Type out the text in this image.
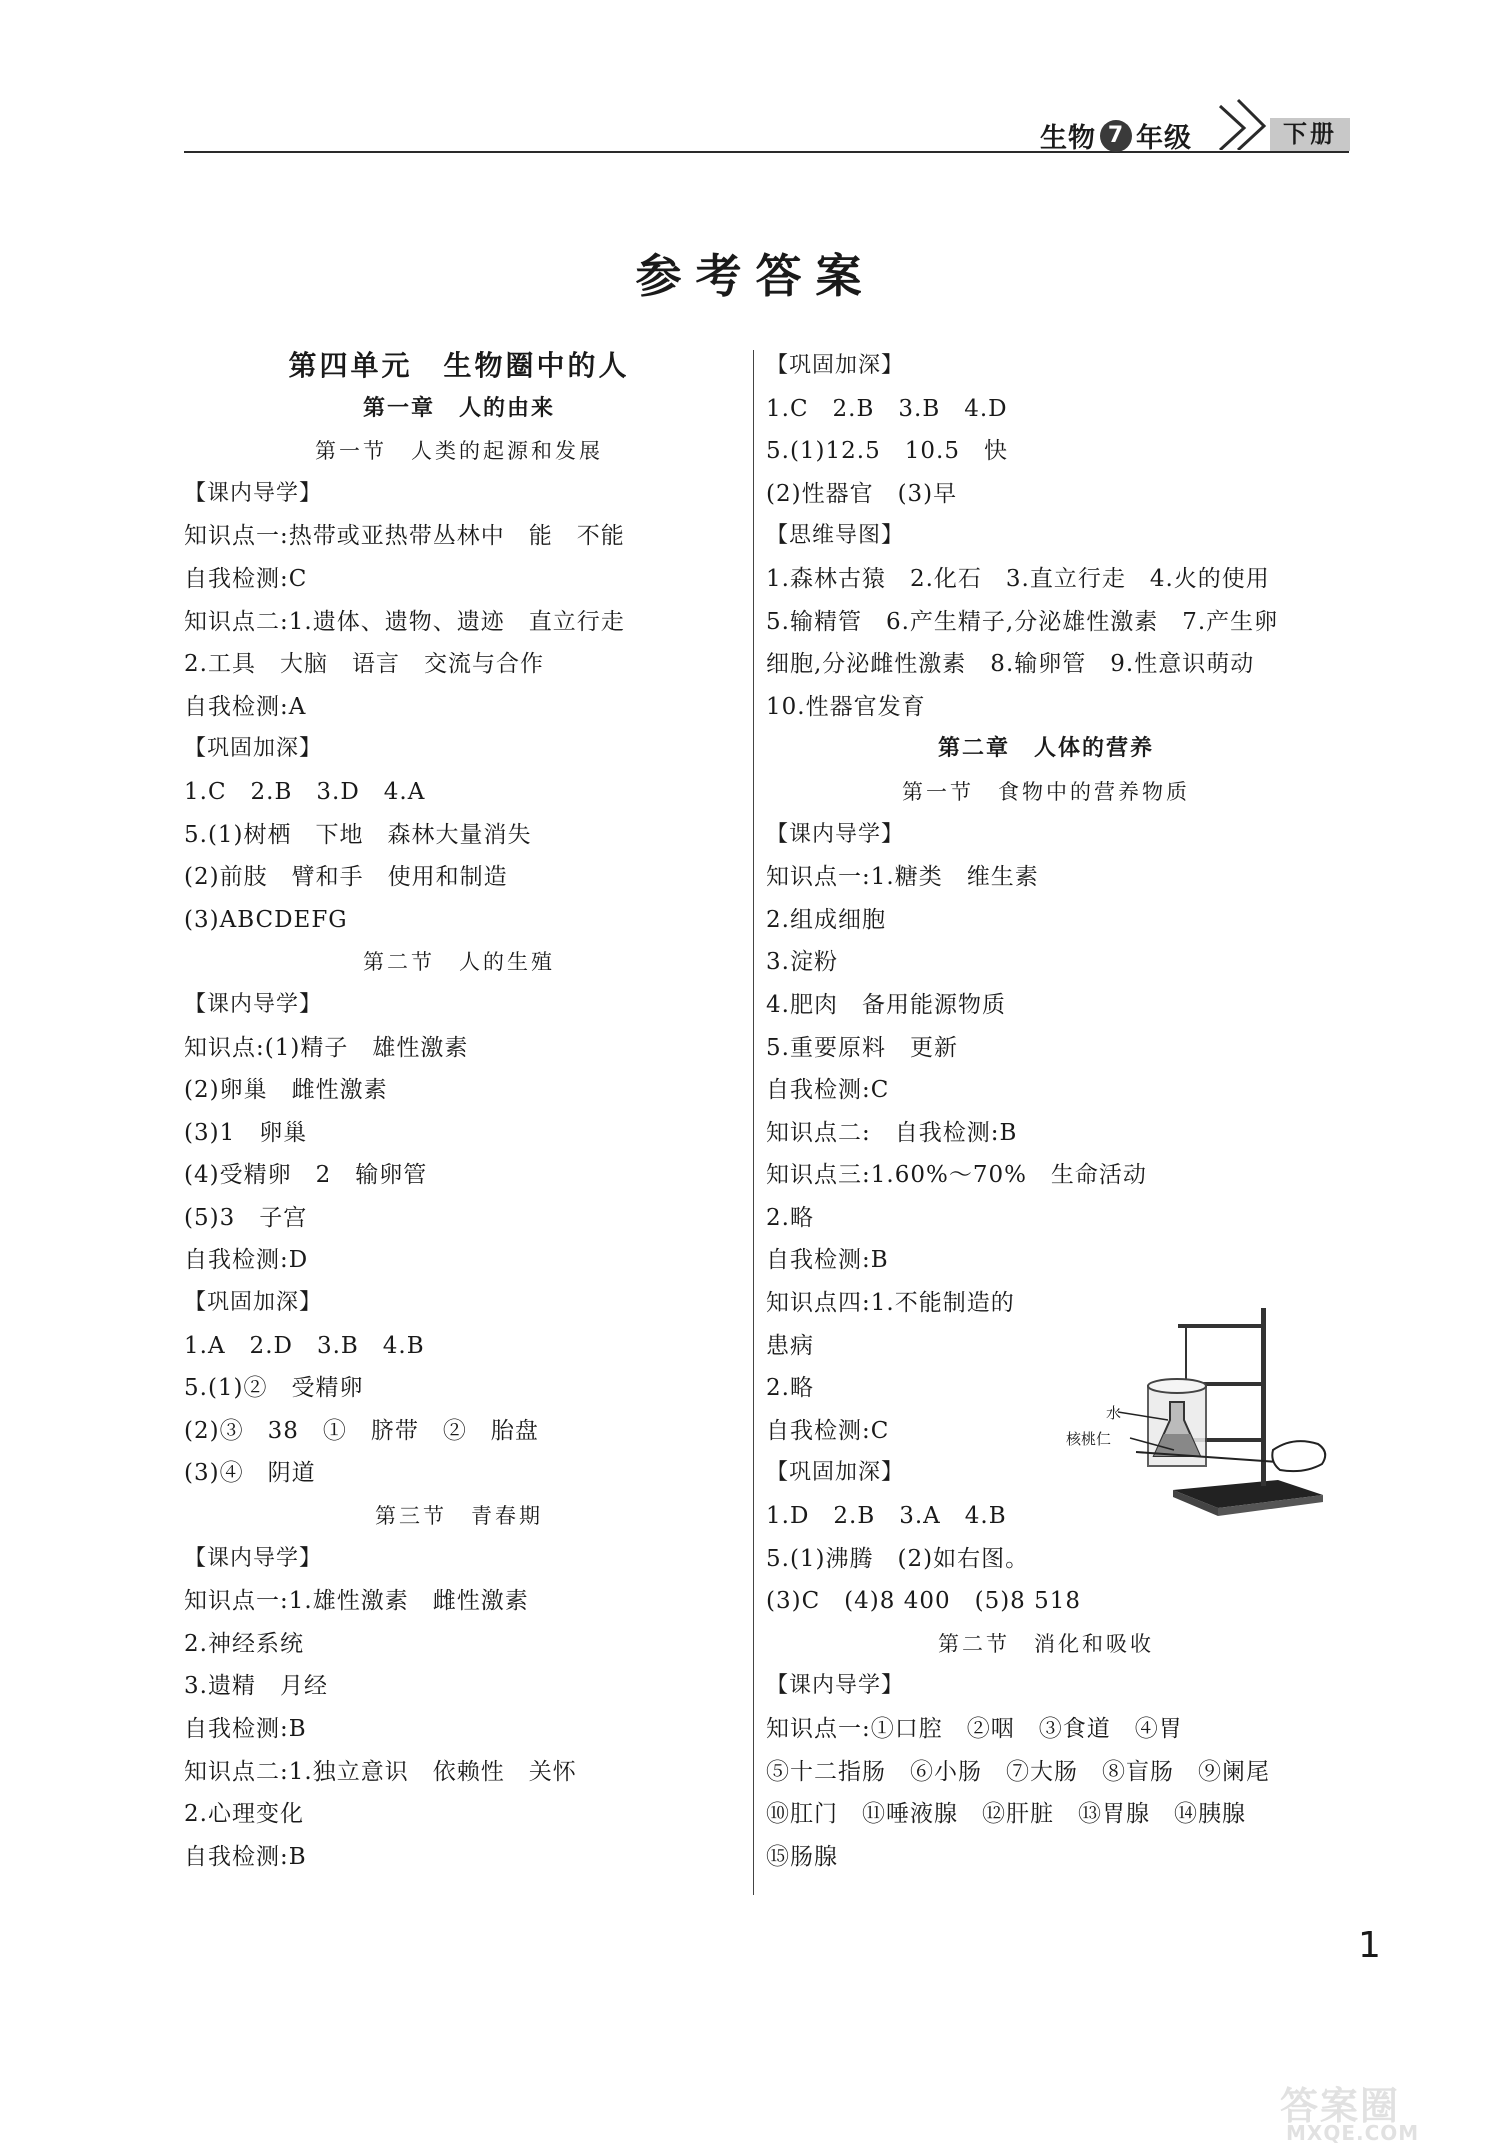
生物 7 年级	下册
参考答案
第四单元　生物圈中的人
第一章　人的由来
第一节　人类的起源和发展
【课内导学】
知识点一:热带或亚热带丛林中　能　不能
自我检测:C
知识点二:1.遗体、遗物、遗迹　直立行走
2.工具　大脑　语言　交流与合作
自我检测:A
【巩固加深】
1.C　2.B　3.D　4.A
5.(1)树栖　下地　森林大量消失
(2)前肢　臂和手　使用和制造
(3)ABCDEFG
第二节　人的生殖
【课内导学】
知识点:(1)精子　雄性激素
(2)卵巢　雌性激素
(3)1　卵巢
(4)受精卵　2　输卵管
(5)3　子宫
自我检测:D
【巩固加深】
1.A　2.D　3.B　4.B
5.(1)②　受精卵
(2)③　38　①　脐带　②　胎盘
(3)④　阴道
第三节　青春期
【课内导学】
知识点一:1.雄性激素　雌性激素
2.神经系统
3.遗精　月经
自我检测:B
知识点二:1.独立意识　依赖性　关怀
2.心理变化
自我检测:B
【巩固加深】
1.C　2.B　3.B　4.D
5.(1)12.5　10.5　快
(2)性器官　(3)早
【思维导图】
1.森林古猿　2.化石　3.直立行走　4.火的使用
5.输精管　6.产生精子,分泌雄性激素　7.产生卵
细胞,分泌雌性激素　8.输卵管　9.性意识萌动
10.性器官发育
第二章　人体的营养
第一节　食物中的营养物质
【课内导学】
知识点一:1.糖类　维生素
2.组成细胞
3.淀粉
4.肥肉　备用能源物质
5.重要原料　更新
自我检测:C
知识点二:　自我检测:B
知识点三:1.60%～70%　生命活动
2.略
自我检测:B
知识点四:1.不能制造的
患病
2.略
自我检测:C
【巩固加深】
1.D　2.B　3.A　4.B
5.(1)沸腾　(2)如右图。
(3)C　(4)8 400　(5)8 518
第二节　消化和吸收
【课内导学】
知识点一:①口腔　②咽　③食道　④胃
⑤十二指肠　⑥小肠　⑦大肠　⑧盲肠　⑨阑尾
⑩肛门　⑪唾液腺　⑫肝脏　⑬胃腺　⑭胰腺
⑮肠腺
水
核桃仁
1
答案圈
MXQE.COM
